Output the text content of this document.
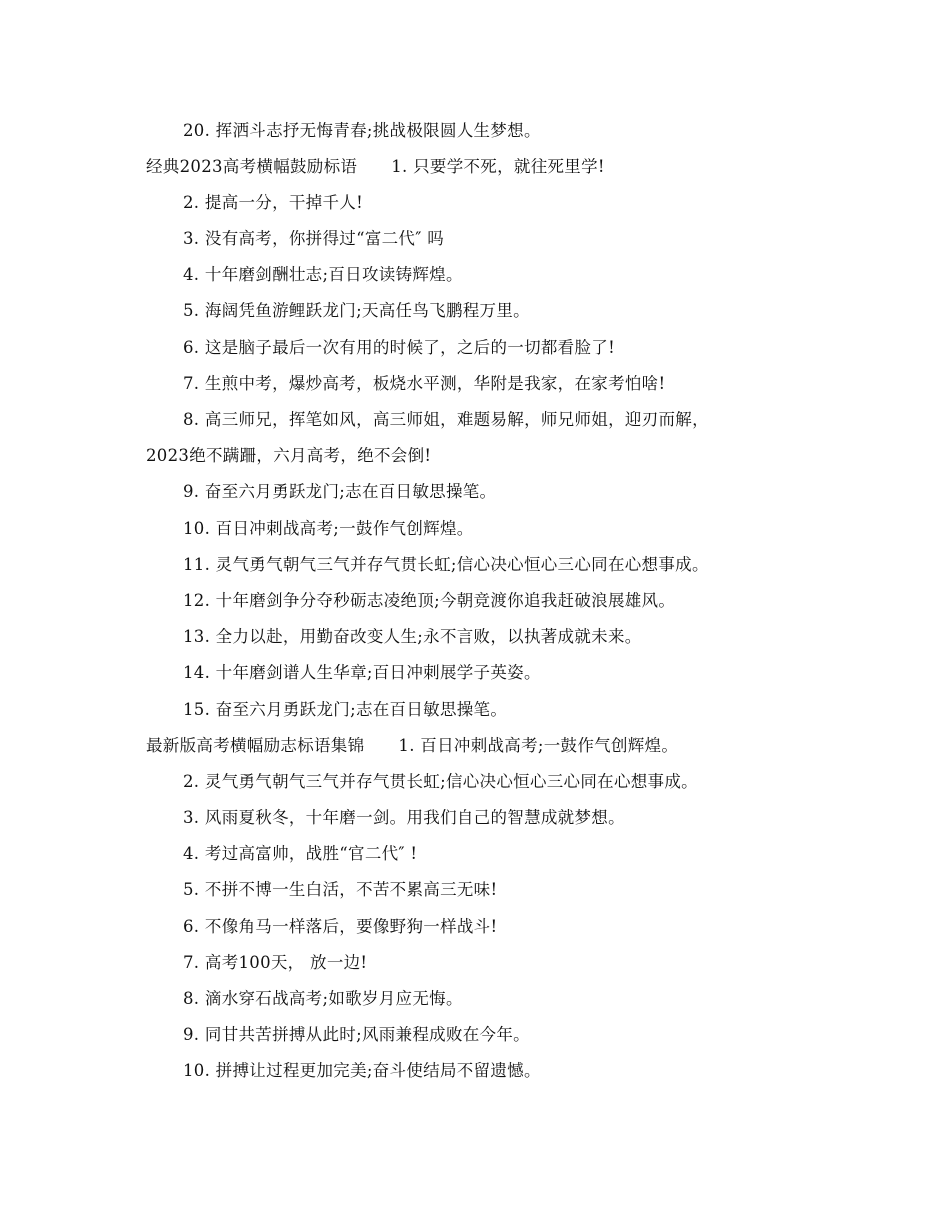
20. 挥洒斗志抒无悔青春;挑战极限圆人生梦想。
经典2023高考横幅鼓励标语 1. 只要学不死，就往死里学!
2. 提高一分，干掉千人!
3. 没有高考，你拼得过“富二代″ 吗
4. 十年磨剑酬壮志;百日攻读铸辉煌。
5. 海阔凭鱼游鲤跃龙门;天高任鸟飞鹏程万里。
6. 这是脑子最后一次有用的时候了，之后的一切都看脸了!
7. 生煎中考，爆炒高考，板烧水平测，华附是我家，在家考怕啥!
8. 高三师兄，挥笔如风，高三师姐，难题易解，师兄师姐，迎刃而解，
2023绝不蹒跚，六月高考，绝不会倒!
9. 奋至六月勇跃龙门;志在百日敏思操笔。
10. 百日冲刺战高考;一鼓作气创辉煌。
11. 灵气勇气朝气三气并存气贯长虹;信心决心恒心三心同在心想事成。
12. 十年磨剑争分夺秒砺志凌绝顶;今朝竞渡你追我赶破浪展雄风。
13. 全力以赴，用勤奋改变人生;永不言败，以执著成就未来。
14. 十年磨剑谱人生华章;百日冲刺展学子英姿。
15. 奋至六月勇跃龙门;志在百日敏思操笔。
最新版高考横幅励志标语集锦 1. 百日冲刺战高考;一鼓作气创辉煌。
2. 灵气勇气朝气三气并存气贯长虹;信心决心恒心三心同在心想事成。
3. 风雨夏秋冬，十年磨一剑。用我们自己的智慧成就梦想。
4. 考过高富帅，战胜“官二代″ !
5. 不拼不博一生白活，不苦不累高三无味!
6. 不像角马一样落后，要像野狗一样战斗!
7. 高考100天， 放一边!
8. 滴水穿石战高考;如歌岁月应无悔。
9. 同甘共苦拼搏从此时;风雨兼程成败在今年。
10. 拼搏让过程更加完美;奋斗使结局不留遗憾。
